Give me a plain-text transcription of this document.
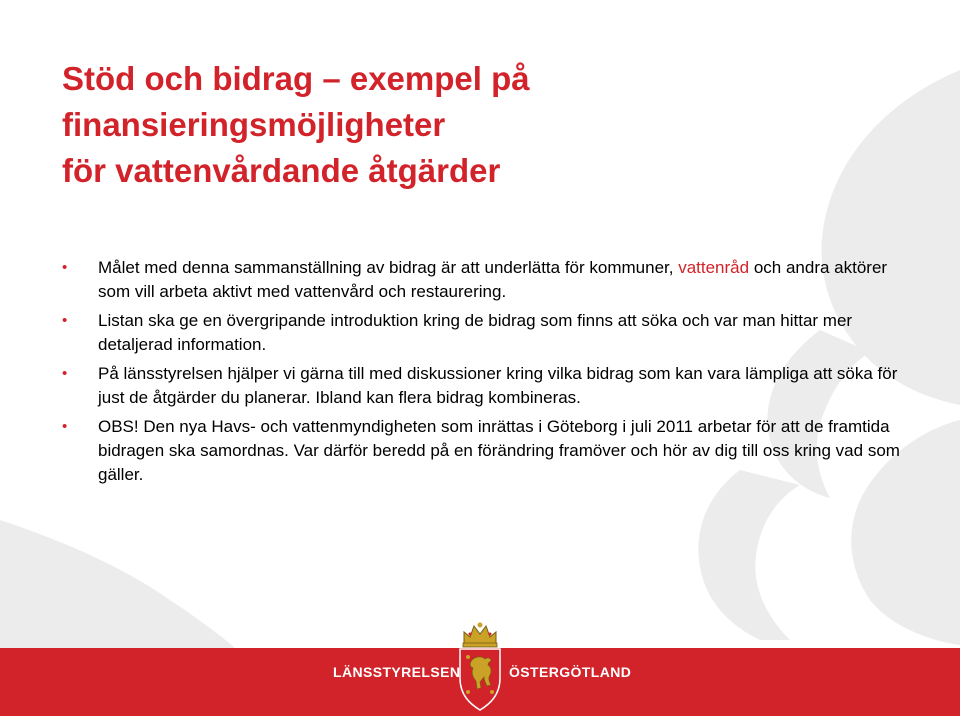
Stöd och bidrag – exempel på
finansieringsmöjligheter
för vattenvårdande åtgärder
• Målet med denna sammanställning av bidrag är att underlätta för kommuner, vattenråd och andra aktörer som vill arbeta aktivt med vattenvård och restaurering.
• Listan ska ge en övergripande introduktion kring de bidrag som finns att söka och var man hittar mer detaljerad information.
• På länsstyrelsen hjälper vi gärna till med diskussioner kring vilka bidrag som kan vara lämpliga att söka för just de åtgärder du planerar. Ibland kan flera bidrag kombineras.
• OBS! Den nya Havs- och vattenmyndigheten som inrättas i Göteborg i juli 2011 arbetar för att de framtida bidragen ska samordnas. Var därför beredd på en förändring framöver och hör av dig till oss kring vad som gäller.
LÄNSSTYRELSEN	ÖSTERGÖTLAND
